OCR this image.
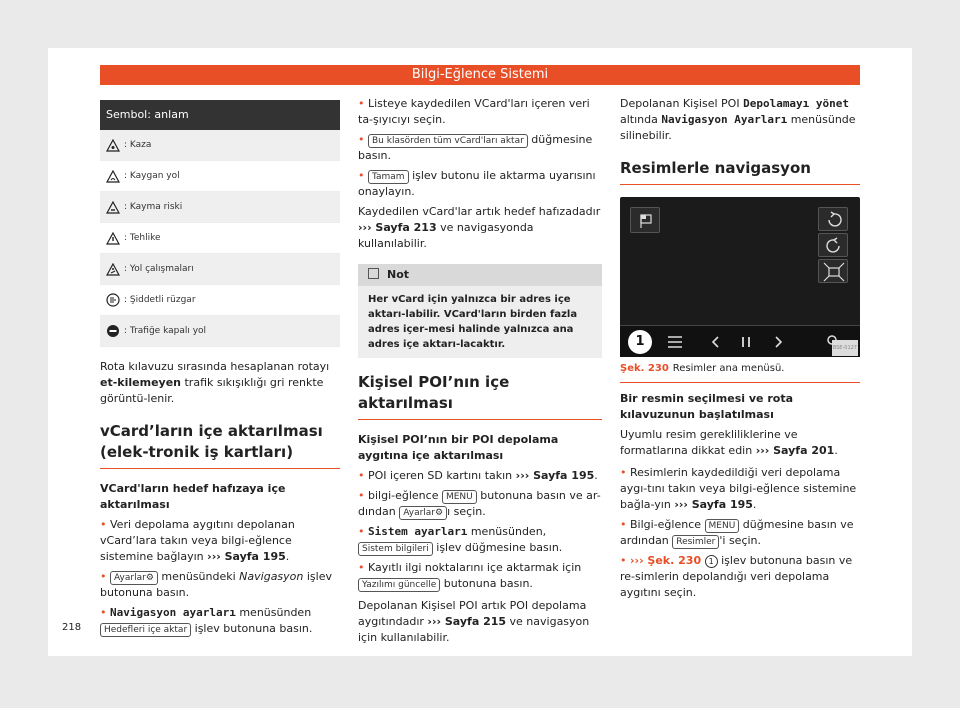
Bilgi-Eğlence Sistemi
Sembol: anlam
: Kaza
: Kaygan yol
: Kayma riski
: Tehlike
: Yol çalışmaları
: Şiddetli rüzgar
: Trafiğe kapalı yol

Rota kılavuzu sırasında hesaplanan rotayı et-kilemeyen trafik sıkışıklığı gri renkte görüntü-lenir.

vCard’ların içe aktarılması (elek-tronik iş kartları)

VCard'ların hedef hafızaya içe aktarılması

• Veri depolama aygıtını depolanan vCard’lara takın veya bilgi-eğlence sistemine bağlayın ››› Sayfa 195.

• Ayarlar⚙ menüsündeki Navigasyon işlev butonuna basın.

• Navigasyon ayarları menüsünden
Hedefleri içe aktar işlev butonuna basın.

• Listeye kaydedilen VCard'ları içeren veri ta-şıyıcıyı seçin.

• Bu klasörden tüm vCard'ları aktar düğmesine basın.

• Tamam işlev butonu ile aktarma uyarısını onaylayın.

Kaydedilen vCard'lar artık hedef hafızadadır ››› Sayfa 213 ve navigasyonda kullanılabilir.

Not
Her vCard için yalnızca bir adres içe aktarı-labilir. VCard'ların birden fazla adres içer-mesi halinde yalnızca ana adres içe aktarı-lacaktır.
Kişisel POI’nın içe aktarılması

Kişisel POI’nın bir POI depolama aygıtına içe aktarılması

• POI içeren SD kartını takın ››› Sayfa 195.

• bilgi-eğlence MENU butonuna basın ve ar-dından Ayarlar⚙ ı seçin.

• Sistem ayarları menüsünden,
Sistem bilgileri işlev düğmesine basın.

• Kayıtlı ilgi noktalarını içe aktarmak için
Yazılımı güncelle butonuna basın.

Depolanan Kişisel POI artık POI depolama aygıtındadır ››› Sayfa 215 ve navigasyon için kullanılabilir.

Depolanan Kişisel POI Depolamayı yönet
altında Navigasyon Ayarları menüsünde silinebilir.

Resimlerle navigasyon
1	BSE-0127
Şek. 230 Resimler ana menüsü.

Bir resmin seçilmesi ve rota kılavuzunun başlatılması

Uyumlu resim gerekliliklerine ve formatlarına dikkat edin ››› Sayfa 201.

• Resimlerin kaydedildiği veri depolama aygı-tını takın veya bilgi-eğlence sistemine bağla-yın ››› Sayfa 195.

• Bilgi-eğlence MENU düğmesine basın ve ardından Resimler 'i seçin.

• ››› Şek. 230 1 işlev butonuna basın ve re-simlerin depolandığı veri depolama aygıtını seçin.

218
